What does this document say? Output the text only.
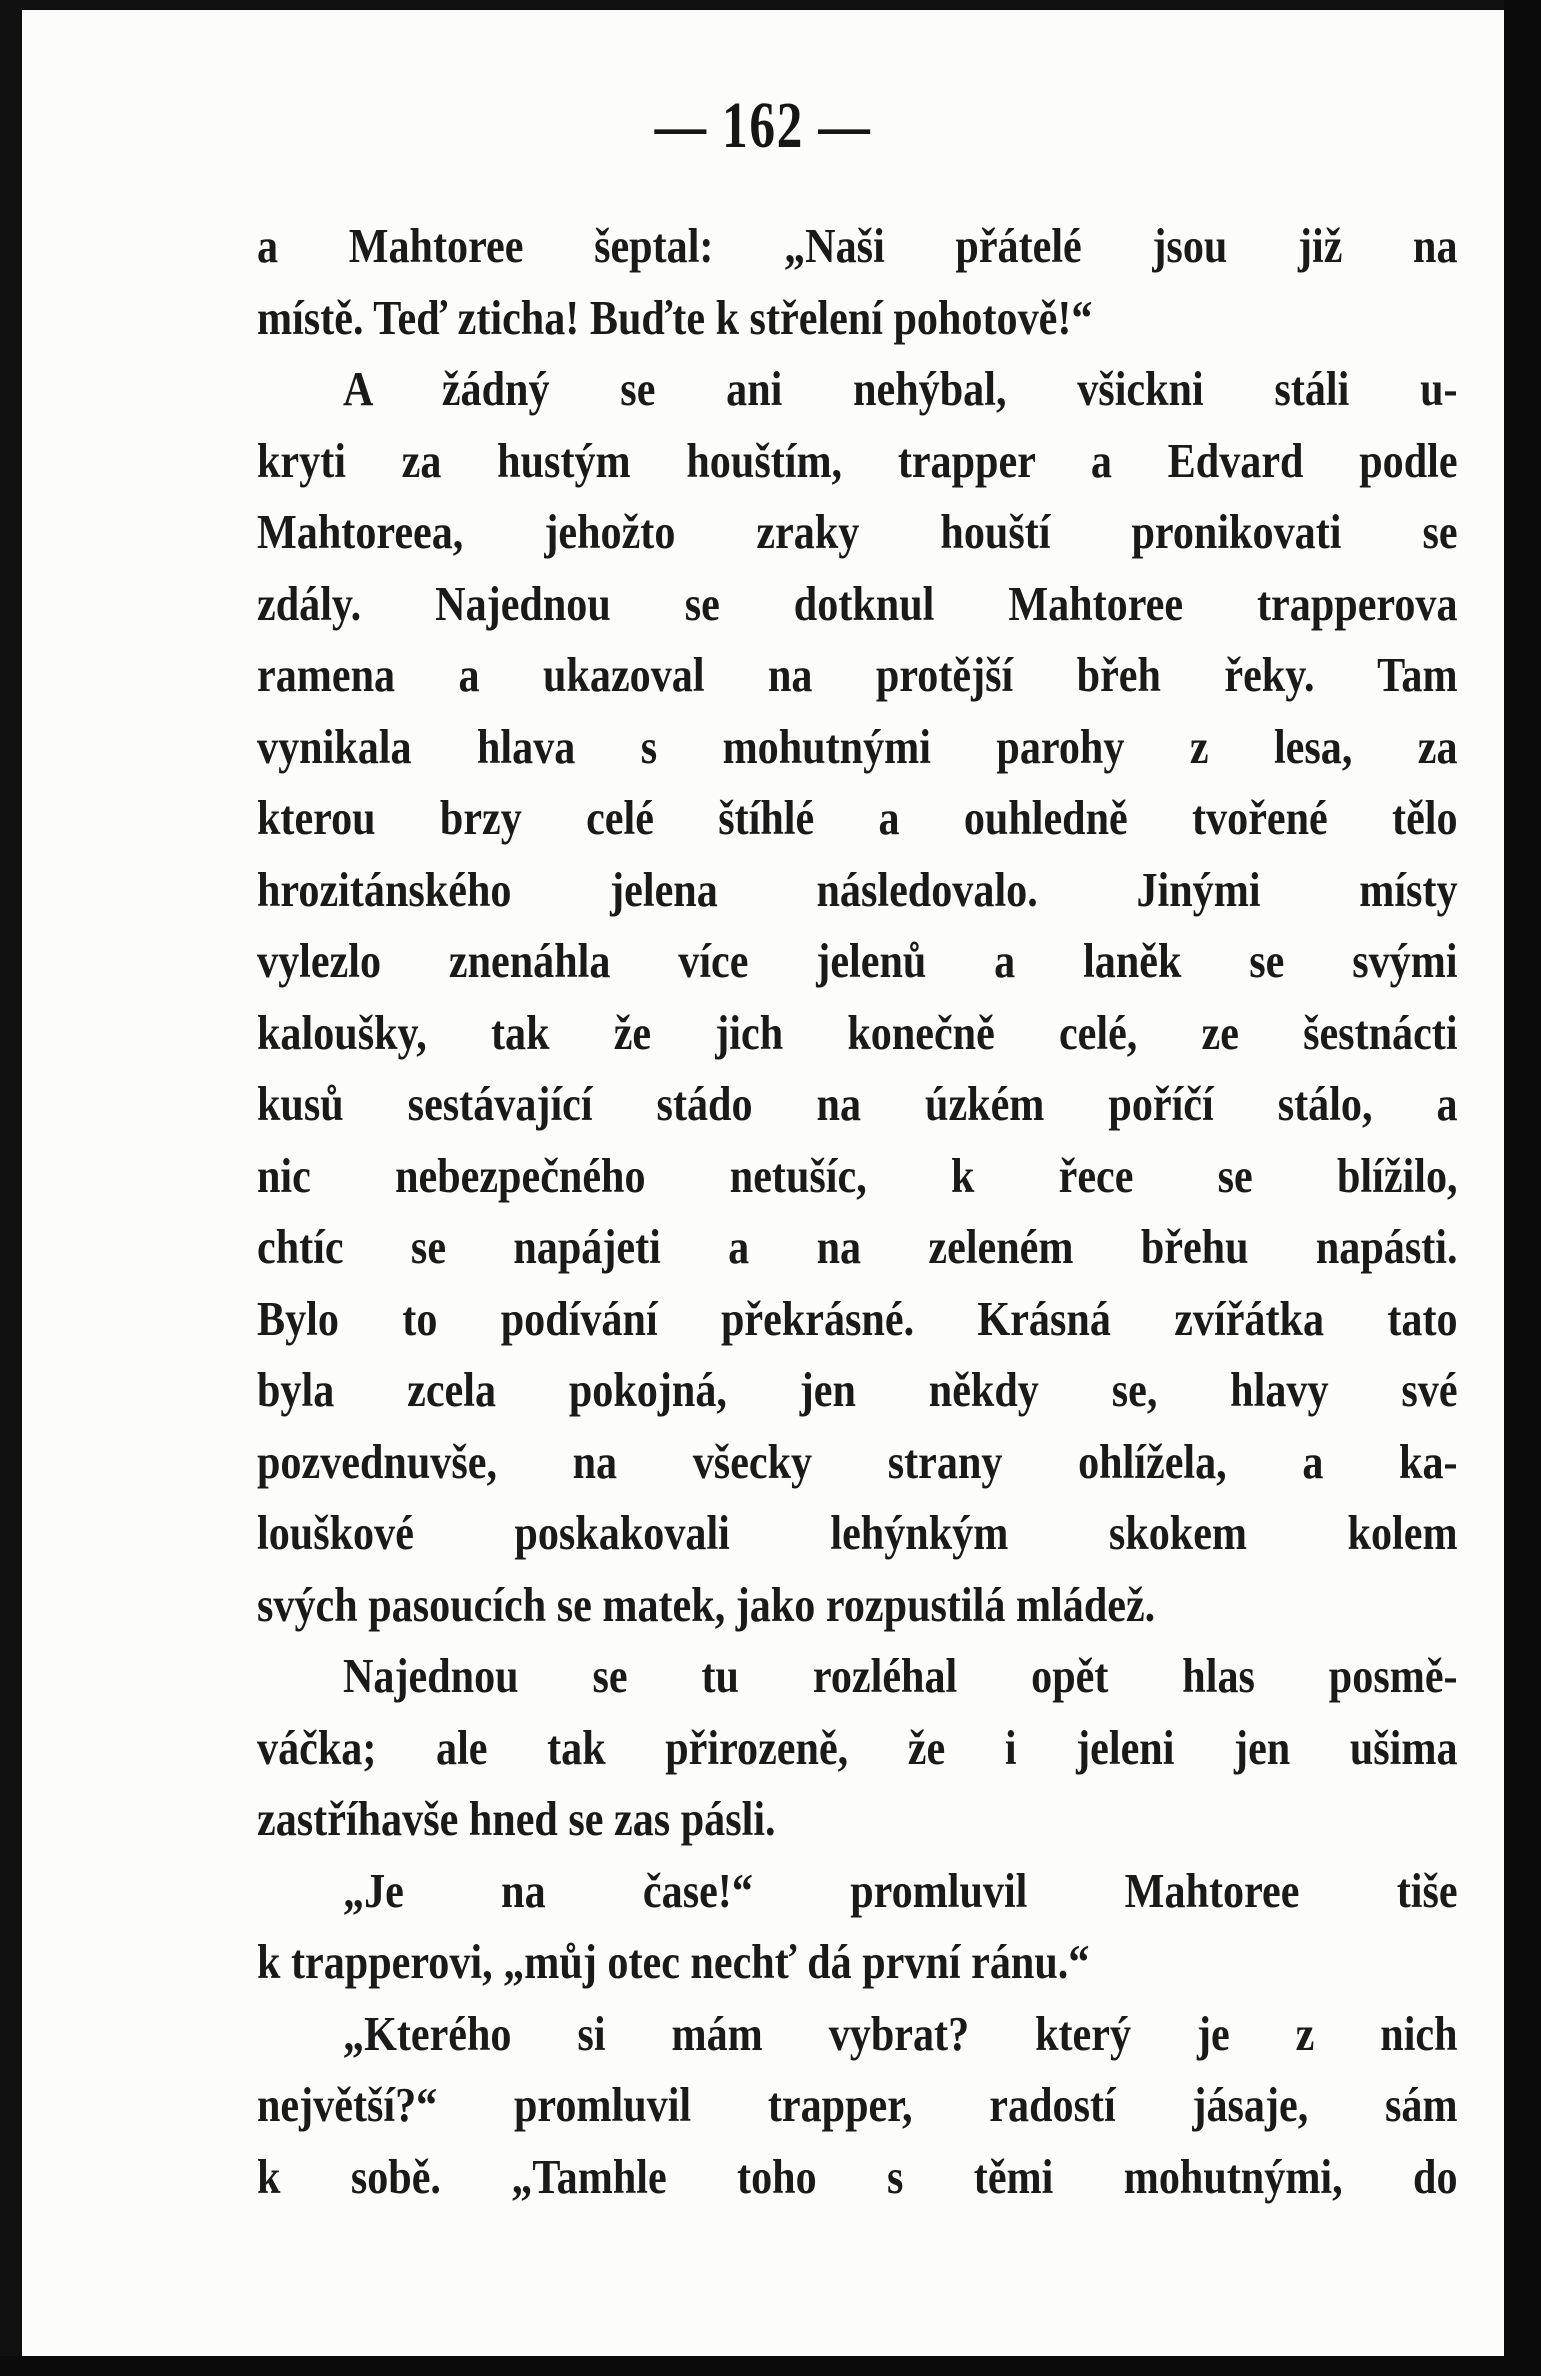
— 162 —
a Mahtoree šeptal: „Naši přátelé jsou již na
místě. Teď zticha! Buďte k střelení pohotově!“
A žádný se ani nehýbal, všickni stáli u-
kryti za hustým houštím, trapper a Edvard podle
Mahtoreea, jehožto zraky houští pronikovati se
zdály. Najednou se dotknul Mahtoree trapperova
ramena a ukazoval na protější břeh řeky. Tam
vynikala hlava s mohutnými parohy z lesa, za
kterou brzy celé štíhlé a ouhledně tvořené tělo
hrozitánského jelena následovalo. Jinými místy
vylezlo znenáhla více jelenů a laněk se svými
kaloušky, tak že jich konečně celé, ze šestnácti
kusů sestávající stádo na úzkém poříčí stálo, a
nic nebezpečného netušíc, k řece se blížilo,
chtíc se napájeti a na zeleném břehu napásti.
Bylo to podívání překrásné. Krásná zvířátka tato
byla zcela pokojná, jen někdy se, hlavy své
pozvednuvše, na všecky strany ohlížela, a ka-
louškové poskakovali lehýnkým skokem kolem
svých pasoucích se matek, jako rozpustilá mládež.
Najednou se tu rozléhal opět hlas posmě-
váčka; ale tak přirozeně, že i jeleni jen ušima
zastříhavše hned se zas pásli.
„Je na čase!“ promluvil Mahtoree tiše
k trapperovi, „můj otec nechť dá první ránu.“
„Kterého si mám vybrat? který je z nich
největší?“ promluvil trapper, radostí jásaje, sám
k sobě. „Tamhle toho s těmi mohutnými, do
